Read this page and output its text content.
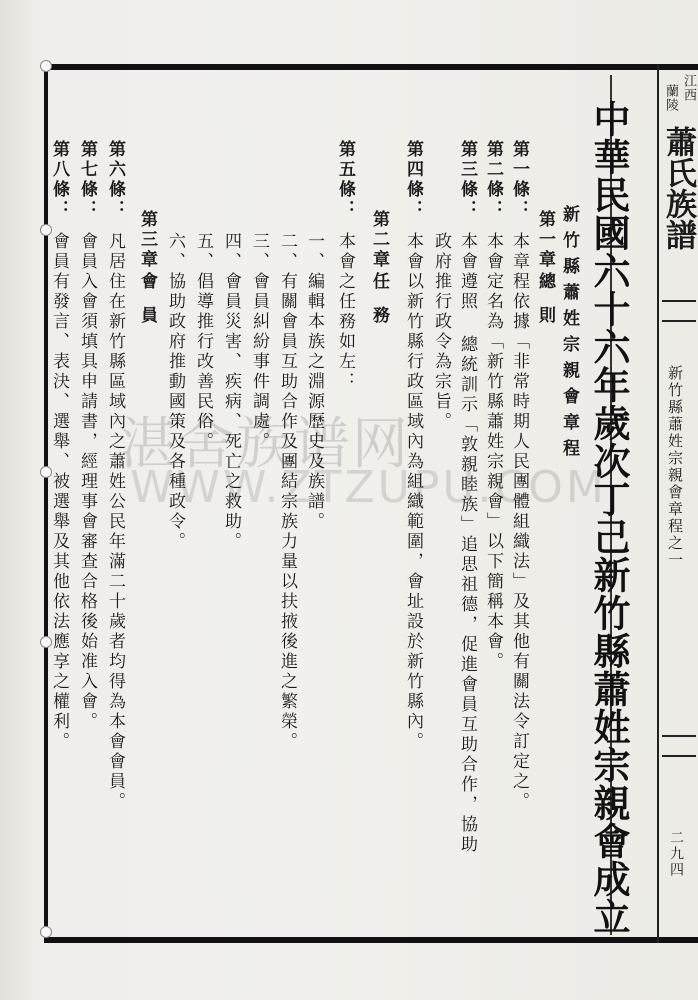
江西
蘭陵
蕭氏族譜
新竹縣蕭姓宗親會章程之一
二九四
中華民國六十六年歲次丁己新竹縣蕭姓宗親會成立
新竹縣蕭姓宗親會章程
第一章
總
則
第一條：
本章程依據「非常時期人民團體組織法」及其他有關法令訂定之。
第二條：
本會定名為「新竹縣蕭姓宗親會」以下簡稱本會。
第三條：
本會遵照 總統訓示「敦親睦族」追思祖德，促進會員互助合作，協助
政府推行政令為宗旨。
第四條：
本會以新竹縣行政區域內為組織範圍，會址設於新竹縣內。
第二章
任
務
第五條：
本會之任務如左：
一、編輯本族之淵源歷史及族譜。
二、有關會員互助合作及團結宗族力量以扶掖後進之繁榮。
三、會員糾紛事件調處。
四、會員災害、疾病、死亡之救助。
五、倡導推行改善民俗。
六、協助政府推動國策及各種政令。
第三章
會
員
第六條：
凡居住在新竹縣區域內之蕭姓公民年滿二十歲者均得為本會會員。
第七條：
會員入會須填具申請書，經理事會審查合格後始准入會。
第八條：
會員有發言、表決、選舉、被選舉及其他依法應享之權利。 湛舍族谱网
WWW.ZTZUPU.COM
